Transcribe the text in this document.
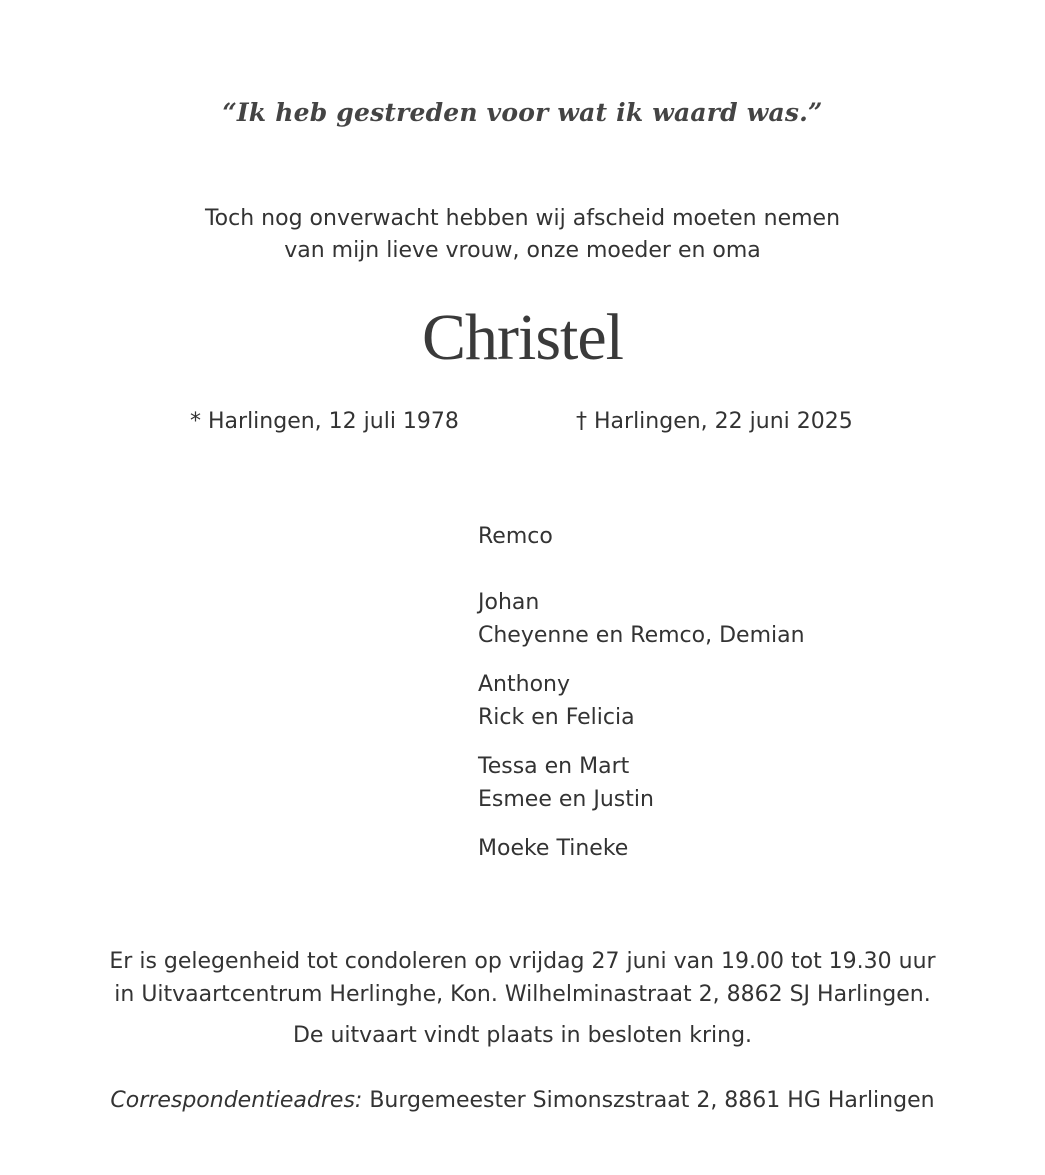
“Ik heb gestreden voor wat ik waard was.”
Toch nog onverwacht hebben wij afscheid moeten nemen
van mijn lieve vrouw, onze moeder en oma
Christel
* Harlingen, 12 juli 1978	† Harlingen, 22 juni 2025
Remco
Johan
Cheyenne en Remco, Demian
Anthony
Rick en Felicia
Tessa en Mart
Esmee en Justin
Moeke Tineke
Er is gelegenheid tot condoleren op vrijdag 27 juni van 19.00 tot 19.30 uur
in Uitvaartcentrum Herlinghe, Kon. Wilhelminastraat 2, 8862 SJ Harlingen.
De uitvaart vindt plaats in besloten kring.
Correspondentieadres: Burgemeester Simonszstraat 2, 8861 HG Harlingen
